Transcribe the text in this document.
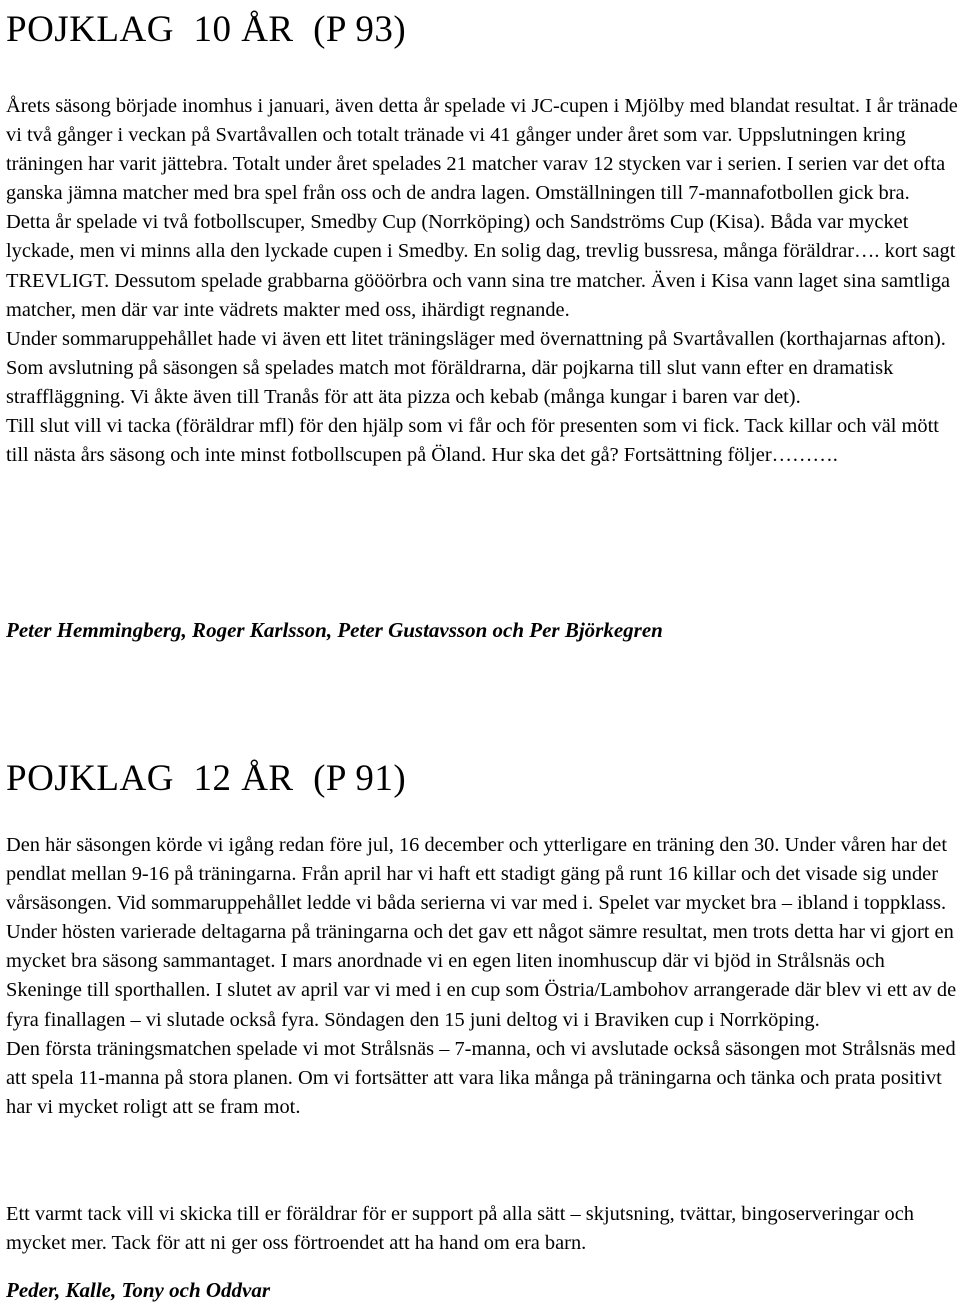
POJKLAG  10 ÅR  (P 93)
Årets säsong började inomhus i januari, även detta år spelade vi JC-cupen i Mjölby med blandat resultat. I år tränade vi två gånger i veckan på Svartåvallen och totalt tränade vi 41 gånger under året som var. Uppslutningen kring träningen har varit jättebra. Totalt under året spelades 21 matcher varav 12 stycken var i serien. I serien var det ofta ganska jämna matcher med bra spel från oss och de andra lagen. Omställningen till 7-mannafotbollen gick bra. Detta år spelade vi två fotbollscuper, Smedby Cup (Norrköping) och Sandströms Cup (Kisa). Båda var mycket lyckade, men vi minns alla den lyckade cupen i Smedby. En solig dag, trevlig bussresa, många föräldrar…. kort sagt TREVLIGT. Dessutom spelade grabbarna gööörbra och vann sina tre matcher. Även i Kisa vann laget sina samtliga matcher, men där var inte vädrets makter med oss, ihärdigt regnande.
Under sommaruppehållet hade vi även ett litet träningsläger med övernattning på Svartåvallen (korthajarnas afton). Som avslutning på säsongen så spelades match mot föräldrarna, där pojkarna till slut vann efter en dramatisk straffläggning. Vi åkte även till Tranås för att äta pizza och kebab (många kungar i baren var det).
Till slut vill vi tacka (föräldrar mfl) för den hjälp som vi får och för presenten som vi fick. Tack killar och väl mött till nästa års säsong och inte minst fotbollscupen på Öland. Hur ska det gå? Fortsättning följer……….

Peter Hemmingberg, Roger Karlsson, Peter Gustavsson och Per Björkegren

POJKLAG  12 ÅR  (P 91)
Den här säsongen körde vi igång redan före jul, 16 december och ytterligare en träning den 30. Under våren har det pendlat mellan 9-16 på träningarna. Från april har vi haft ett stadigt gäng på runt 16 killar och det visade sig under vårsäsongen. Vid sommaruppehållet ledde vi båda serierna vi var med i. Spelet var mycket bra – ibland i toppklass. Under hösten varierade deltagarna på träningarna och det gav ett något sämre resultat, men trots detta har vi gjort en mycket bra säsong sammantaget. I mars anordnade vi en egen liten inomhuscup där vi bjöd in Strålsnäs och Skeninge till sporthallen. I slutet av april var vi med i en cup som Östria/Lambohov arrangerade där blev vi ett av de fyra finallagen – vi slutade också fyra. Söndagen den 15 juni deltog vi i Braviken cup i Norrköping.
Den första träningsmatchen spelade vi mot Strålsnäs – 7-manna, och vi avslutade också säsongen mot Strålsnäs med att spela 11-manna på stora planen. Om vi fortsätter att vara lika många på träningarna och tänka och prata positivt har vi mycket roligt att se fram mot.
Ett varmt tack vill vi skicka till er föräldrar för er support på alla sätt – skjutsning, tvättar, bingoserveringar och mycket mer. Tack för att ni ger oss förtroendet att ha hand om era barn.

Peder, Kalle, Tony och Oddvar
